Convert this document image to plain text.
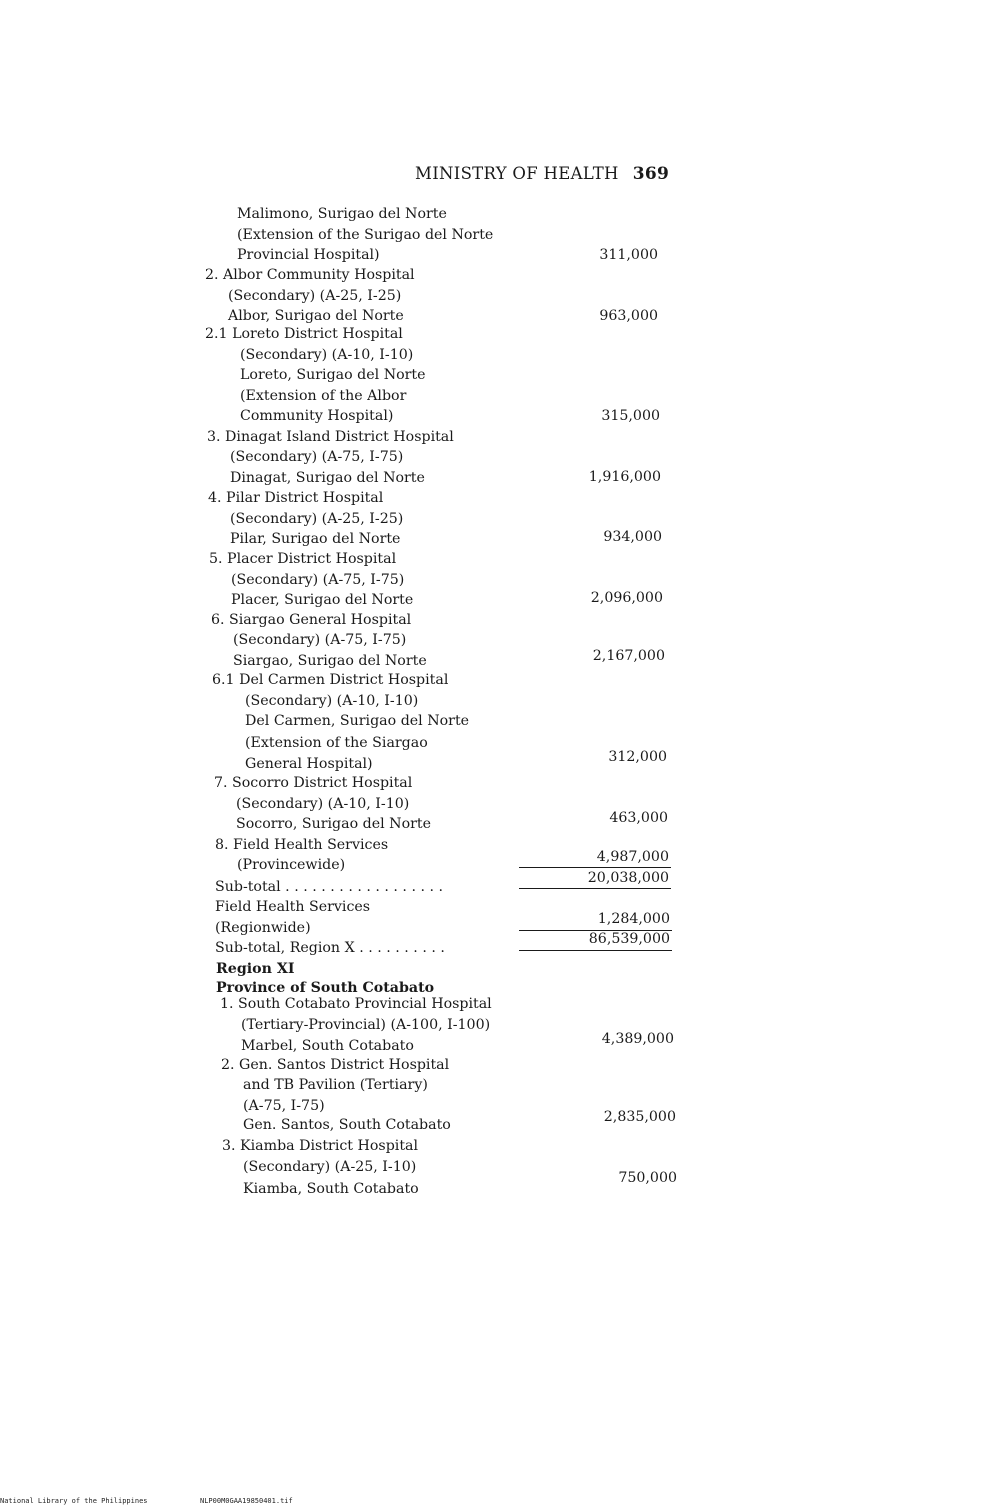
MINISTRY OF HEALTH 369
Malimono, Surigao del Norte
(Extension of the Surigao del Norte
Provincial Hospital)
2. Albor Community Hospital
(Secondary) (A-25, I-25)
Albor, Surigao del Norte
2.1 Loreto District Hospital
(Secondary) (A-10, I-10)
Loreto, Surigao del Norte
(Extension of the Albor
Community Hospital)
3. Dinagat Island District Hospital
(Secondary) (A-75, I-75)
Dinagat, Surigao del Norte
4. Pilar District Hospital
(Secondary) (A-25, I-25)
Pilar, Surigao del Norte
5. Placer District Hospital
(Secondary) (A-75, I-75)
Placer, Surigao del Norte
6. Siargao General Hospital
(Secondary) (A-75, I-75)
Siargao, Surigao del Norte
6.1 Del Carmen District Hospital
(Secondary) (A-10, I-10)
Del Carmen, Surigao del Norte
(Extension of the Siargao
General Hospital)
7. Socorro District Hospital
(Secondary) (A-10, I-10)
Socorro, Surigao del Norte
8. Field Health Services
(Provincewide)
Sub-total . . . . . . . . . . . . . . . . . .
Field Health Services
(Regionwide)
Sub-total, Region X . . . . . . . . . .
Region XI
Province of South Cotabato
1. South Cotabato Provincial Hospital
(Tertiary-Provincial) (A-100, I-100)
Marbel, South Cotabato
2. Gen. Santos District Hospital
and TB Pavilion (Tertiary)
(A-75, I-75)
Gen. Santos, South Cotabato
3. Kiamba District Hospital
(Secondary) (A-25, I-10)
Kiamba, South Cotabato
311,000
963,000
315,000
1,916,000
934,000
2,096,000
2,167,000
312,000
463,000
4,987,000
20,038,000
1,284,000
86,539,000
4,389,000
2,835,000
750,000
National Library of the Philippines	NLP00M0GAA19850401.tif
